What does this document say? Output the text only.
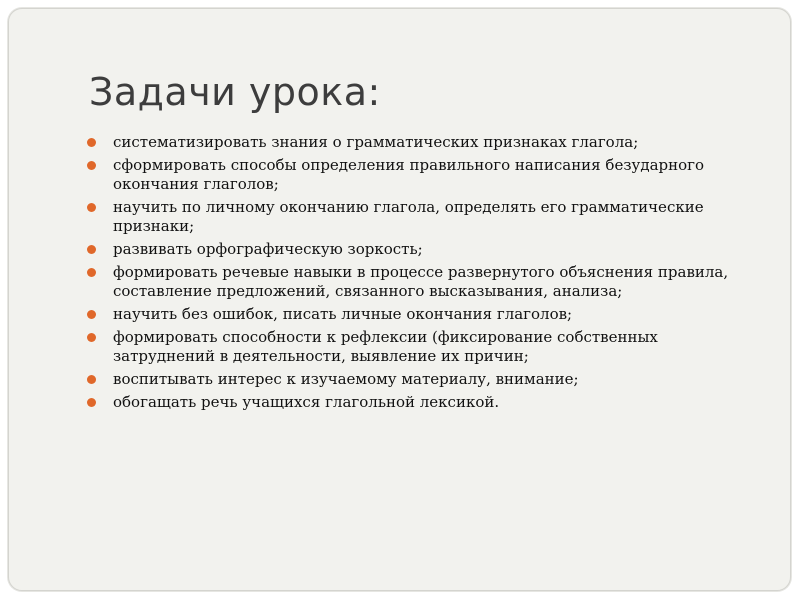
Задачи урока:
систематизировать знания о грамматических признаках глагола;
сформировать способы определения правильного написания безударного окончания глаголов;
научить по личному окончанию глагола, определять его грамматические признаки;
развивать орфографическую зоркость;
формировать речевые навыки в процессе развернутого объяснения правила, составление предложений, связанного высказывания, анализа;
научить без ошибок, писать личные окончания глаголов;
формировать способности к рефлексии (фиксирование собственных затруднений в деятельности, выявление их причин;
воспитывать интерес к изучаемому материалу, внимание;
обогащать речь учащихся глагольной лексикой.
